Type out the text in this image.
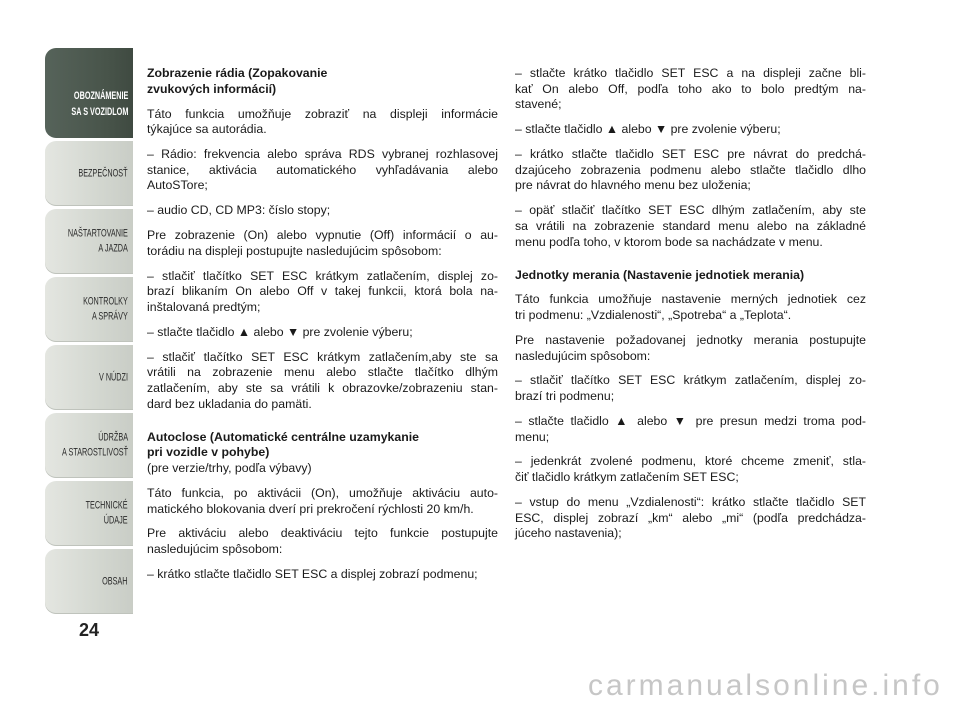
OBOZNÁMENIE
SA S VOZIDLOM
BEZPEČNOSŤ
NAŠTARTOVANIE
A JAZDA
KONTROLKY
A SPRÁVY
V NÚDZI
ÚDRŽBA
A STAROSTLIVOSŤ
TECHNICKÉ
ÚDAJE
OBSAH
24
Zobrazenie rádia (Zopakovanie
zvukových informácií)
Táto funkcia umožňuje zobraziť na displeji informácie
týkajúce sa autorádia.
– Rádio: frekvencia alebo správa RDS vybranej rozhlasovej
stanice, aktivácia automatického vyhľadávania alebo
AutoSTore;
– audio CD, CD MP3: číslo stopy;
Pre zobrazenie (On) alebo vypnutie (Off) informácií o au-
torádiu na displeji postupujte nasledujúcim spôsobom:
– stlačiť tlačítko SET ESC krátkym zatlačením, displej zo-
brazí blikaním On alebo Off v takej funkcii, ktorá bola na-
inštalovaná predtým;
– stlačte tlačidlo ▲ alebo ▼ pre zvolenie výberu;
– stlačiť tlačítko SET ESC krátkym zatlačením,aby ste sa
vrátili na zobrazenie menu alebo stlačte tlačítko dlhým
zatlačením, aby ste sa vrátili k obrazovke/zobrazeniu stan-
dard bez ukladania do pamäti.
Autoclose (Automatické centrálne uzamykanie
pri vozidle v pohybe)
(pre verzie/trhy, podľa výbavy)
Táto funkcia, po aktivácii (On), umožňuje aktiváciu auto-
matického blokovania dverí pri prekročení rýchlosti 20 km/h.
Pre aktiváciu alebo deaktiváciu tejto funkcie postupujte
nasledujúcim spôsobom:
– krátko stlačte tlačidlo SET ESC a displej zobrazí podmenu;
– stlačte krátko tlačidlo SET ESC a na displeji začne bli-
kať On alebo Off, podľa toho ako to bolo predtým na-
stavené;
– stlačte tlačidlo ▲ alebo ▼ pre zvolenie výberu;
– krátko stlačte tlačidlo SET ESC pre návrat do predchá-
dzajúceho zobrazenia podmenu alebo stlačte tlačidlo dlho
pre návrat do hlavného menu bez uloženia;
– opäť stlačiť tlačítko SET ESC dlhým zatlačením, aby ste
sa vrátili na zobrazenie standard menu alebo na základné
menu podľa toho, v ktorom bode sa nachádzate v menu.
Jednotky merania (Nastavenie jednotiek merania)
Táto funkcia umožňuje nastavenie merných jednotiek cez
tri podmenu: „Vzdialenosti“, „Spotreba“ a „Teplota“.
Pre nastavenie požadovanej jednotky merania postupujte
nasledujúcim spôsobom:
– stlačiť tlačítko SET ESC krátkym zatlačením, displej zo-
brazí tri podmenu;
– stlačte tlačidlo ▲ alebo ▼ pre presun medzi troma pod-
menu;
– jedenkrát zvolené podmenu, ktoré chceme zmeniť, stla-
čiť tlačidlo krátkym zatlačením SET ESC;
– vstup do menu „Vzdialenosti“: krátko stlačte tlačidlo SET
ESC, displej zobrazí „km“ alebo „mi“ (podľa predchádza-
júceho nastavenia);
carmanualsonline.info
